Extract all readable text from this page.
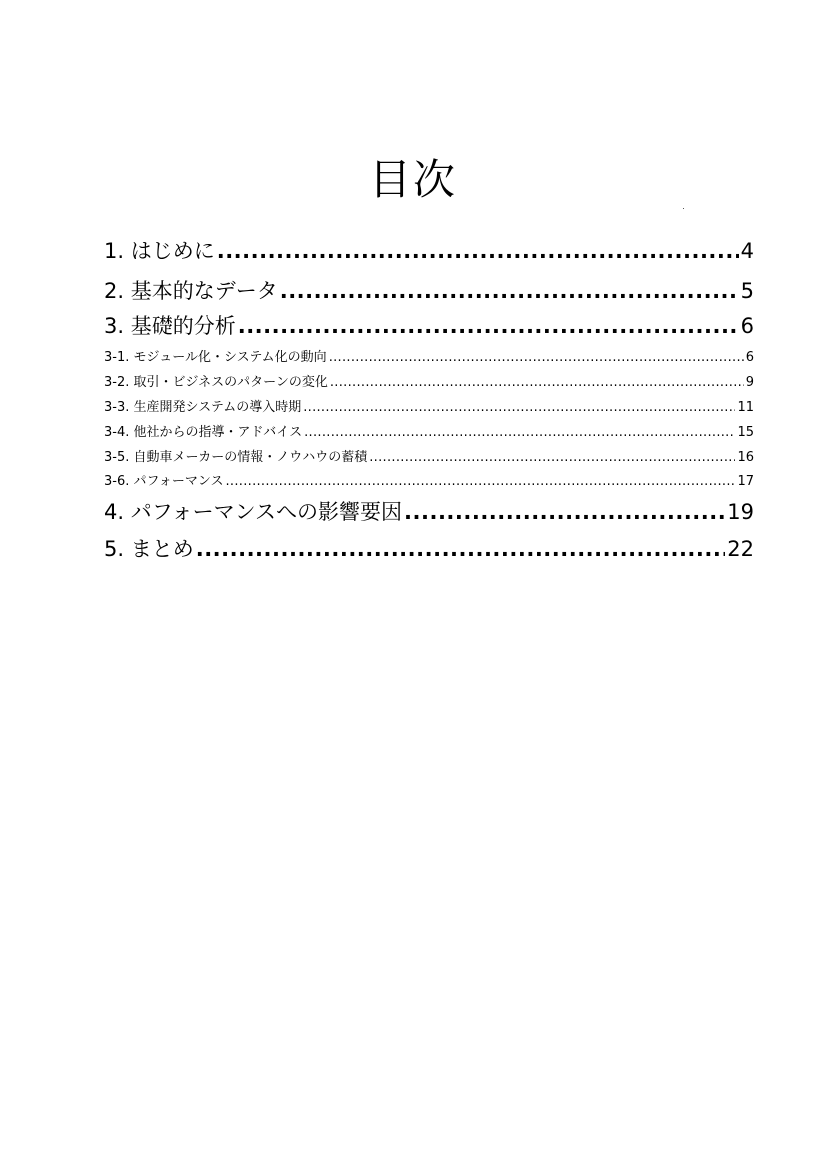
目次
1. はじめに .....	4
2. 基本的なデータ .....	5
3. 基礎的分析 .....	6
3-1. モジュール化・システム化の動向 .....	6
3-2. 取引・ビジネスのパターンの変化 .....	9
3-3. 生産開発システムの導入時期 .....	11
3-4. 他社からの指導・アドバイス .....	15
3-5. 自動車メーカーの情報・ノウハウの蓄積 .....	16
3-6. パフォーマンス .....	17
4. パフォーマンスへの影響要因 .....	19
5. まとめ .....	22
